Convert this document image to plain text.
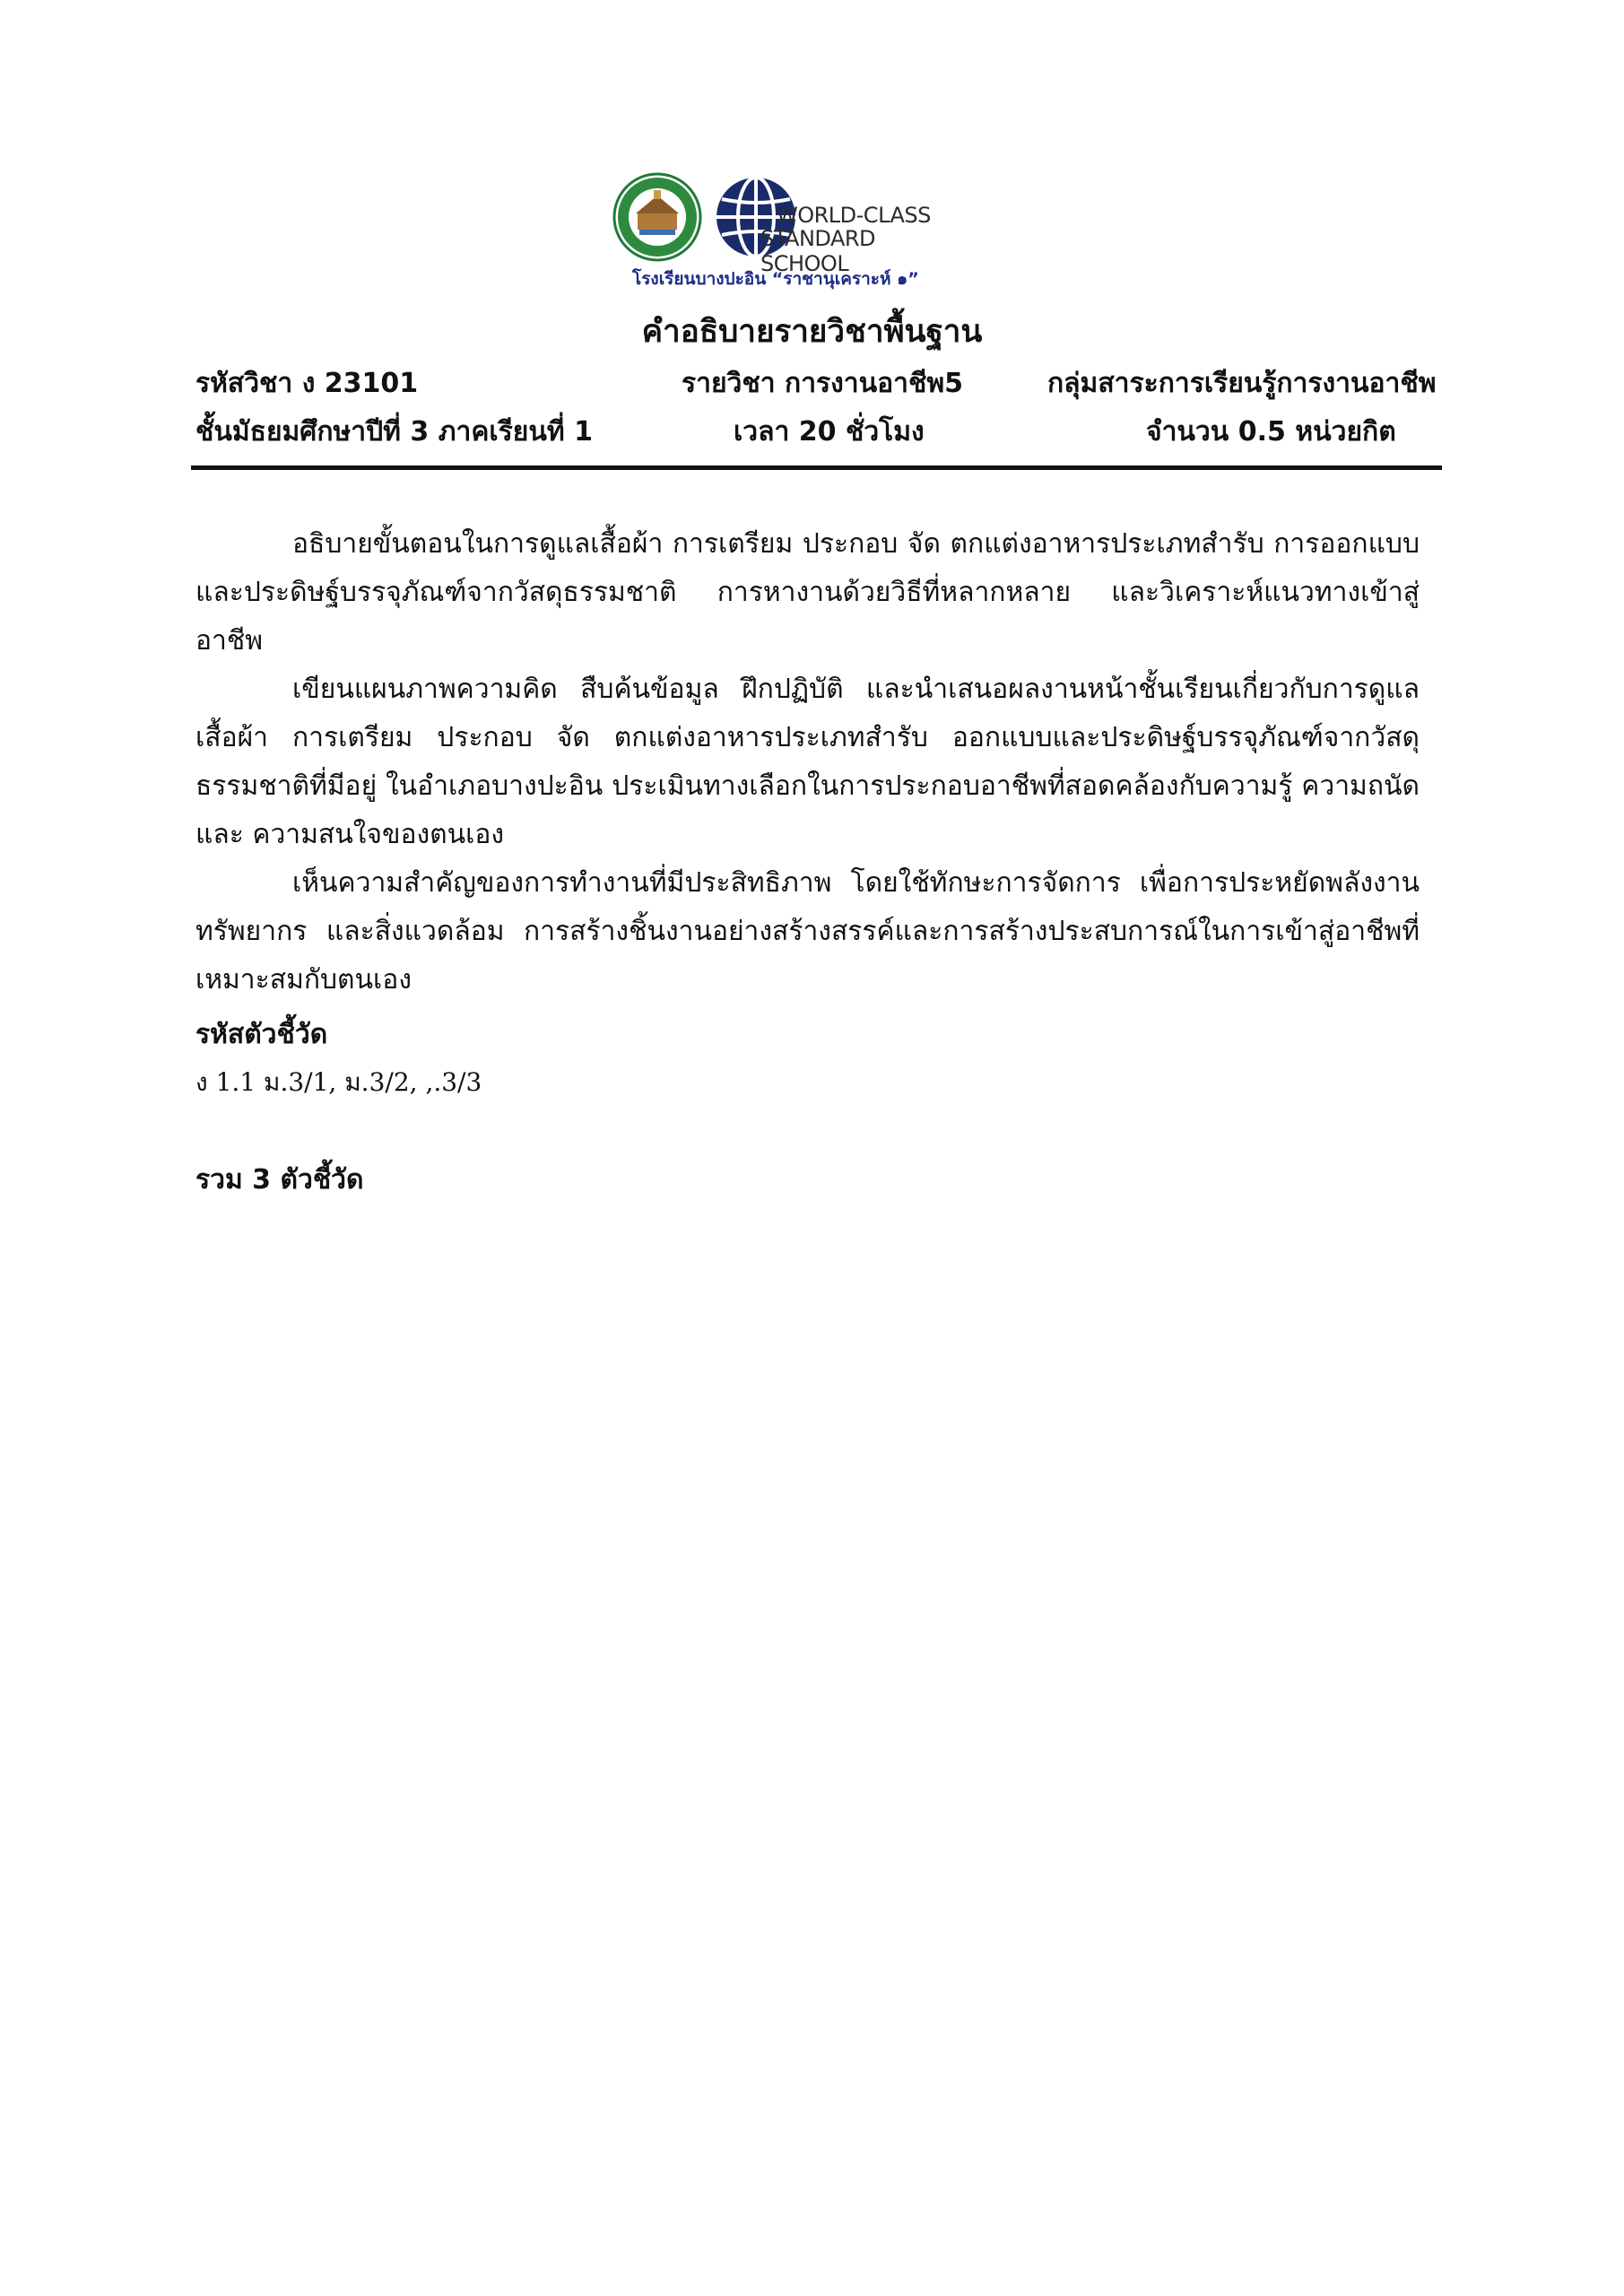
WORLD-CLASS
STANDARD SCHOOL
โรงเรียนบางปะอิน “ราชานุเคราะห์ ๑”
คำอธิบายรายวิชาพื้นฐาน
รหัสวิชา ง 23101	รายวิชา การงานอาชีพ5	กลุ่มสาระการเรียนรู้การงานอาชีพ
ชั้นมัธยมศึกษาปีที่ 3 ภาคเรียนที่ 1	เวลา 20 ชั่วโมง	จำนวน 0.5 หน่วยกิต

อธิบายขั้นตอนในการดูแลเสื้อผ้า การเตรียม ประกอบ จัด ตกแต่งอาหารประเภทสำรับ การออกแบบและประดิษฐ์บรรจุภัณฑ์จากวัสดุธรรมชาติ การหางานด้วยวิธีที่หลากหลาย และวิเคราะห์แนวทางเข้าสู่อาชีพ

เขียนแผนภาพความคิด สืบค้นข้อมูล ฝึกปฏิบัติ และนำเสนอผลงานหน้าชั้นเรียนเกี่ยวกับการดูแลเสื้อผ้า การเตรียม ประกอบ จัด ตกแต่งอาหารประเภทสำรับ ออกแบบและประดิษฐ์บรรจุภัณฑ์จากวัสดุธรรมชาติที่มีอยู่ ในอำเภอบางปะอิน ประเมินทางเลือกในการประกอบอาชีพที่สอดคล้องกับความรู้ ความถนัด และ ความสนใจของตนเอง

เห็นความสำคัญของการทำงานที่มีประสิทธิภาพ โดยใช้ทักษะการจัดการ เพื่อการประหยัดพลังงาน ทรัพยากร และสิ่งแวดล้อม การสร้างชิ้นงานอย่างสร้างสรรค์และการสร้างประสบการณ์ในการเข้าสู่อาชีพที่เหมาะสมกับตนเอง

รหัสตัวชี้วัด
ง 1.1 ม.3/1, ม.3/2, ,.3/3
รวม 3 ตัวชี้วัด
